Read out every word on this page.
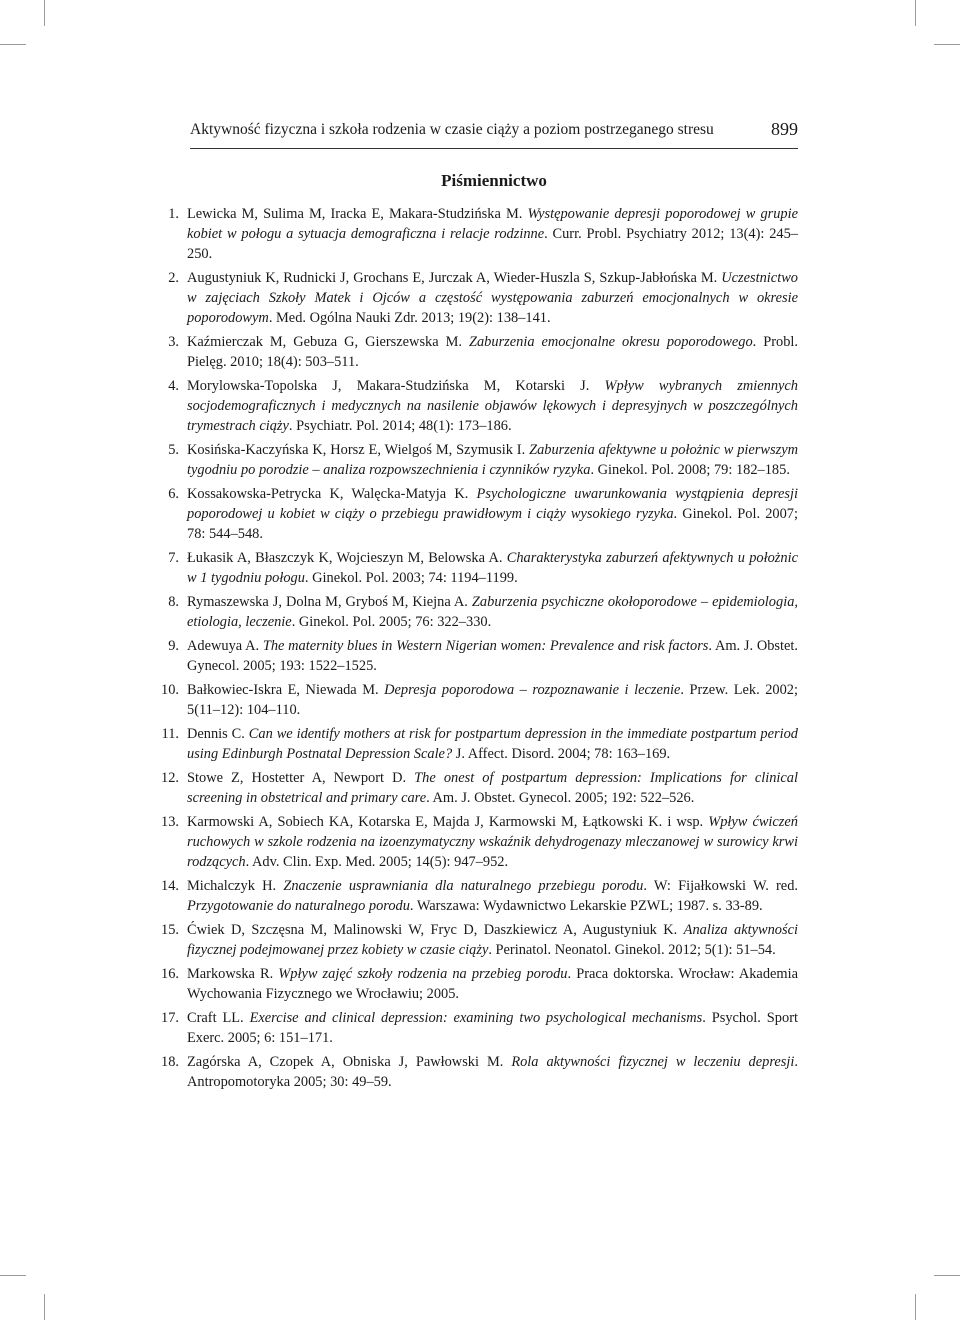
Aktywność fizyczna i szkoła rodzenia w czasie ciąży a poziom postrzeganego stresu	899
Piśmiennictwo
1. Lewicka M, Sulima M, Iracka E, Makara-Studzińska M. Występowanie depresji poporodowej w grupie kobiet w połogu a sytuacja demograficzna i relacje rodzinne. Curr. Probl. Psychiatry 2012; 13(4): 245–250.
2. Augustyniuk K, Rudnicki J, Grochans E, Jurczak A, Wieder-Huszla S, Szkup-Jabłońska M. Uczestnictwo w zajęciach Szkoły Matek i Ojców a częstość występowania zaburzeń emocjonalnych w okresie poporodowym. Med. Ogólna Nauki Zdr. 2013; 19(2): 138–141.
3. Kaźmierczak M, Gebuza G, Gierszewska M. Zaburzenia emocjonalne okresu poporodowego. Probl. Pielęg. 2010; 18(4): 503–511.
4. Morylowska-Topolska J, Makara-Studzińska M, Kotarski J. Wpływ wybranych zmiennych socjodemograficznych i medycznych na nasilenie objawów lękowych i depresyjnych w poszczególnych trymestrach ciąży. Psychiatr. Pol. 2014; 48(1): 173–186.
5. Kosińska-Kaczyńska K, Horsz E, Wielgoś M, Szymusik I. Zaburzenia afektywne u położnic w pierwszym tygodniu po porodzie – analiza rozpowszechnienia i czynników ryzyka. Ginekol. Pol. 2008; 79: 182–185.
6. Kossakowska-Petrycka K, Walęcka-Matyja K. Psychologiczne uwarunkowania wystąpienia depresji poporodowej u kobiet w ciąży o przebiegu prawidłowym i ciąży wysokiego ryzyka. Ginekol. Pol. 2007; 78: 544–548.
7. Łukasik A, Błaszczyk K, Wojcieszyn M, Belowska A. Charakterystyka zaburzeń afektywnych u położnic w 1 tygodniu połogu. Ginekol. Pol. 2003; 74: 1194–1199.
8. Rymaszewska J, Dolna M, Gryboś M, Kiejna A. Zaburzenia psychiczne okołoporodowe – epidemiologia, etiologia, leczenie. Ginekol. Pol. 2005; 76: 322–330.
9. Adewuya A. The maternity blues in Western Nigerian women: Prevalence and risk factors. Am. J. Obstet. Gynecol. 2005; 193: 1522–1525.
10. Bałkowiec-Iskra E, Niewada M. Depresja poporodowa – rozpoznawanie i leczenie. Przew. Lek. 2002; 5(11–12): 104–110.
11. Dennis C. Can we identify mothers at risk for postpartum depression in the immediate postpartum period using Edinburgh Postnatal Depression Scale? J. Affect. Disord. 2004; 78: 163–169.
12. Stowe Z, Hostetter A, Newport D. The onest of postpartum depression: Implications for clinical screening in obstetrical and primary care. Am. J. Obstet. Gynecol. 2005; 192: 522–526.
13. Karmowski A, Sobiech KA, Kotarska E, Majda J, Karmowski M, Łątkowski K. i wsp. Wpływ ćwiczeń ruchowych w szkole rodzenia na izoenzymatyczny wskaźnik dehydrogenazy mleczanowej w surowicy krwi rodzących. Adv. Clin. Exp. Med. 2005; 14(5): 947–952.
14. Michalczyk H. Znaczenie usprawniania dla naturalnego przebiegu porodu. W: Fijałkowski W. red. Przygotowanie do naturalnego porodu. Warszawa: Wydawnictwo Lekarskie PZWL; 1987. s. 33-89.
15. Ćwiek D, Szczęsna M, Malinowski W, Fryc D, Daszkiewicz A, Augustyniuk K. Analiza aktywności fizycznej podejmowanej przez kobiety w czasie ciąży. Perinatol. Neonatol. Ginekol. 2012; 5(1): 51–54.
16. Markowska R. Wpływ zajęć szkoły rodzenia na przebieg porodu. Praca doktorska. Wrocław: Akademia Wychowania Fizycznego we Wrocławiu; 2005.
17. Craft LL. Exercise and clinical depression: examining two psychological mechanisms. Psychol. Sport Exerc. 2005; 6: 151–171.
18. Zagórska A, Czopek A, Obniska J, Pawłowski M. Rola aktywności fizycznej w leczeniu depresji. Antropomotoryka 2005; 30: 49–59.
